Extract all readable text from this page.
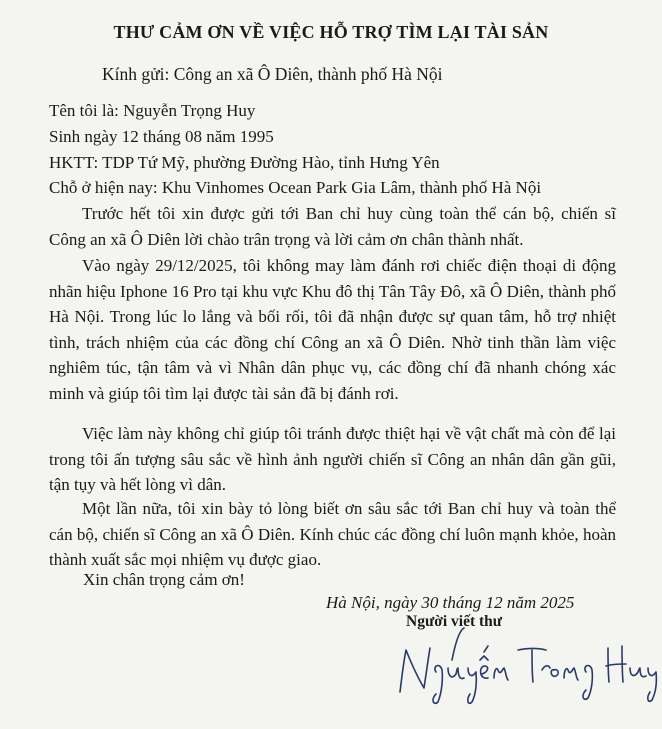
THƯ CẢM ƠN VỀ VIỆC HỖ TRỢ TÌM LẠI TÀI SẢN
Kính gửi: Công an xã Ô Diên, thành phố Hà Nội
Tên tôi là: Nguyễn Trọng Huy
Sinh ngày 12 tháng 08 năm 1995
HKTT: TDP Tứ Mỹ, phường Đường Hào, tỉnh Hưng Yên
Chỗ ở hiện nay: Khu Vinhomes Ocean Park Gia Lâm, thành phố Hà Nội

Trước hết tôi xin được gửi tới Ban chỉ huy cùng toàn thể cán bộ, chiến sĩ Công an xã Ô Diên lời chào trân trọng và lời cảm ơn chân thành nhất.

Vào ngày 29/12/2025, tôi không may làm đánh rơi chiếc điện thoại di động nhãn hiệu Iphone 16 Pro tại khu vực Khu đô thị Tân Tây Đô, xã Ô Diên, thành phố Hà Nội. Trong lúc lo lắng và bối rối, tôi đã nhận được sự quan tâm, hỗ trợ nhiệt tình, trách nhiệm của các đồng chí Công an xã Ô Diên. Nhờ tinh thần làm việc nghiêm túc, tận tâm và vì Nhân dân phục vụ, các đồng chí đã nhanh chóng xác minh và giúp tôi tìm lại được tài sản đã bị đánh rơi.

Việc làm này không chỉ giúp tôi tránh được thiệt hại về vật chất mà còn để lại trong tôi ấn tượng sâu sắc về hình ảnh người chiến sĩ Công an nhân dân gần gũi, tận tụy và hết lòng vì dân.

Một lần nữa, tôi xin bày tỏ lòng biết ơn sâu sắc tới Ban chỉ huy và toàn thể cán bộ, chiến sĩ Công an xã Ô Diên. Kính chúc các đồng chí luôn mạnh khỏe, hoàn thành xuất sắc mọi nhiệm vụ được giao.

Xin chân trọng cảm ơn!
Hà Nội, ngày 30 tháng 12 năm 2025
Người viết thư
